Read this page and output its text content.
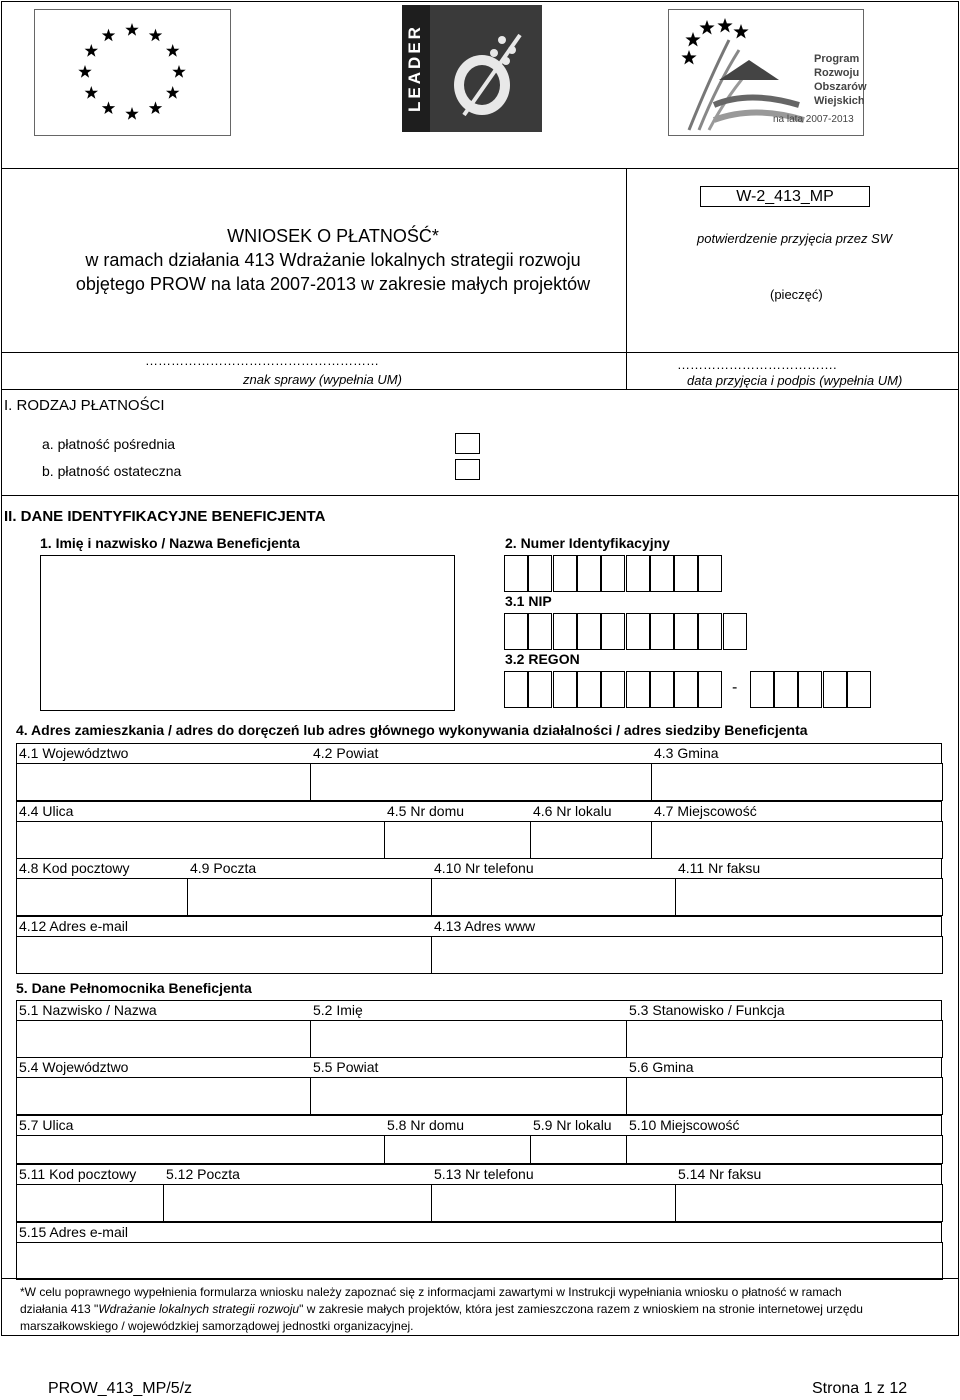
LEADER	Program
Rozwoju
Obszarów
Wiejskich
na lata 2007-2013
WNIOSEK O PŁATNOŚĆ*
w ramach działania 413 Wdrażanie lokalnych strategii rozwoju
objętego PROW na lata 2007-2013 w zakresie małych projektów
W-2_413_MP
potwierdzenie przyjęcia przez SW
(pieczęć)
………………………………………………
znak sprawy (wypełnia UM)
……………………………….
data przyjęcia i podpis (wypełnia UM)
I. RODZAJ PŁATNOŚCI
a. płatność pośrednia
b. płatność ostateczna
II. DANE IDENTYFIKACYJNE BENEFICJENTA
1. Imię i nazwisko / Nazwa Beneficjenta	2. Numer Identyfikacyjny
3.1 NIP
3.2 REGON
-
4. Adres zamieszkania / adres do doręczeń lub adres głównego wykonywania działalności / adres siedziby Beneficjenta
4.1 Województwo	4.2 Powiat	4.3 Gmina
4.4 Ulica	4.5 Nr domu	4.6 Nr lokalu	4.7 Miejscowość
4.8 Kod pocztowy	4.9 Poczta	4.10 Nr telefonu	4.11 Nr faksu
4.12 Adres e-mail	4.13 Adres www
5. Dane Pełnomocnika Beneficjenta
5.1 Nazwisko / Nazwa	5.2 Imię	5.3 Stanowisko / Funkcja
5.4 Województwo	5.5 Powiat	5.6 Gmina
5.7 Ulica	5.8 Nr domu	5.9 Nr lokalu 5.10 Miejscowość
5.11 Kod pocztowy 5.12 Poczta	5.13 Nr telefonu	5.14 Nr faksu
5.15 Adres e-mail
*W celu poprawnego wypełnienia formularza wniosku należy zapoznać się z informacjami zawartymi w Instrukcji wypełniania wniosku o płatność w ramach
działania 413 "Wdrażanie lokalnych strategii rozwoju" w zakresie małych projektów, która jest zamieszczona razem z wnioskiem na stronie internetowej urzędu
marszałkowskiego / wojewódzkiej samorządowej jednostki organizacyjnej.
PROW_413_MP/5/z	Strona 1 z 12
